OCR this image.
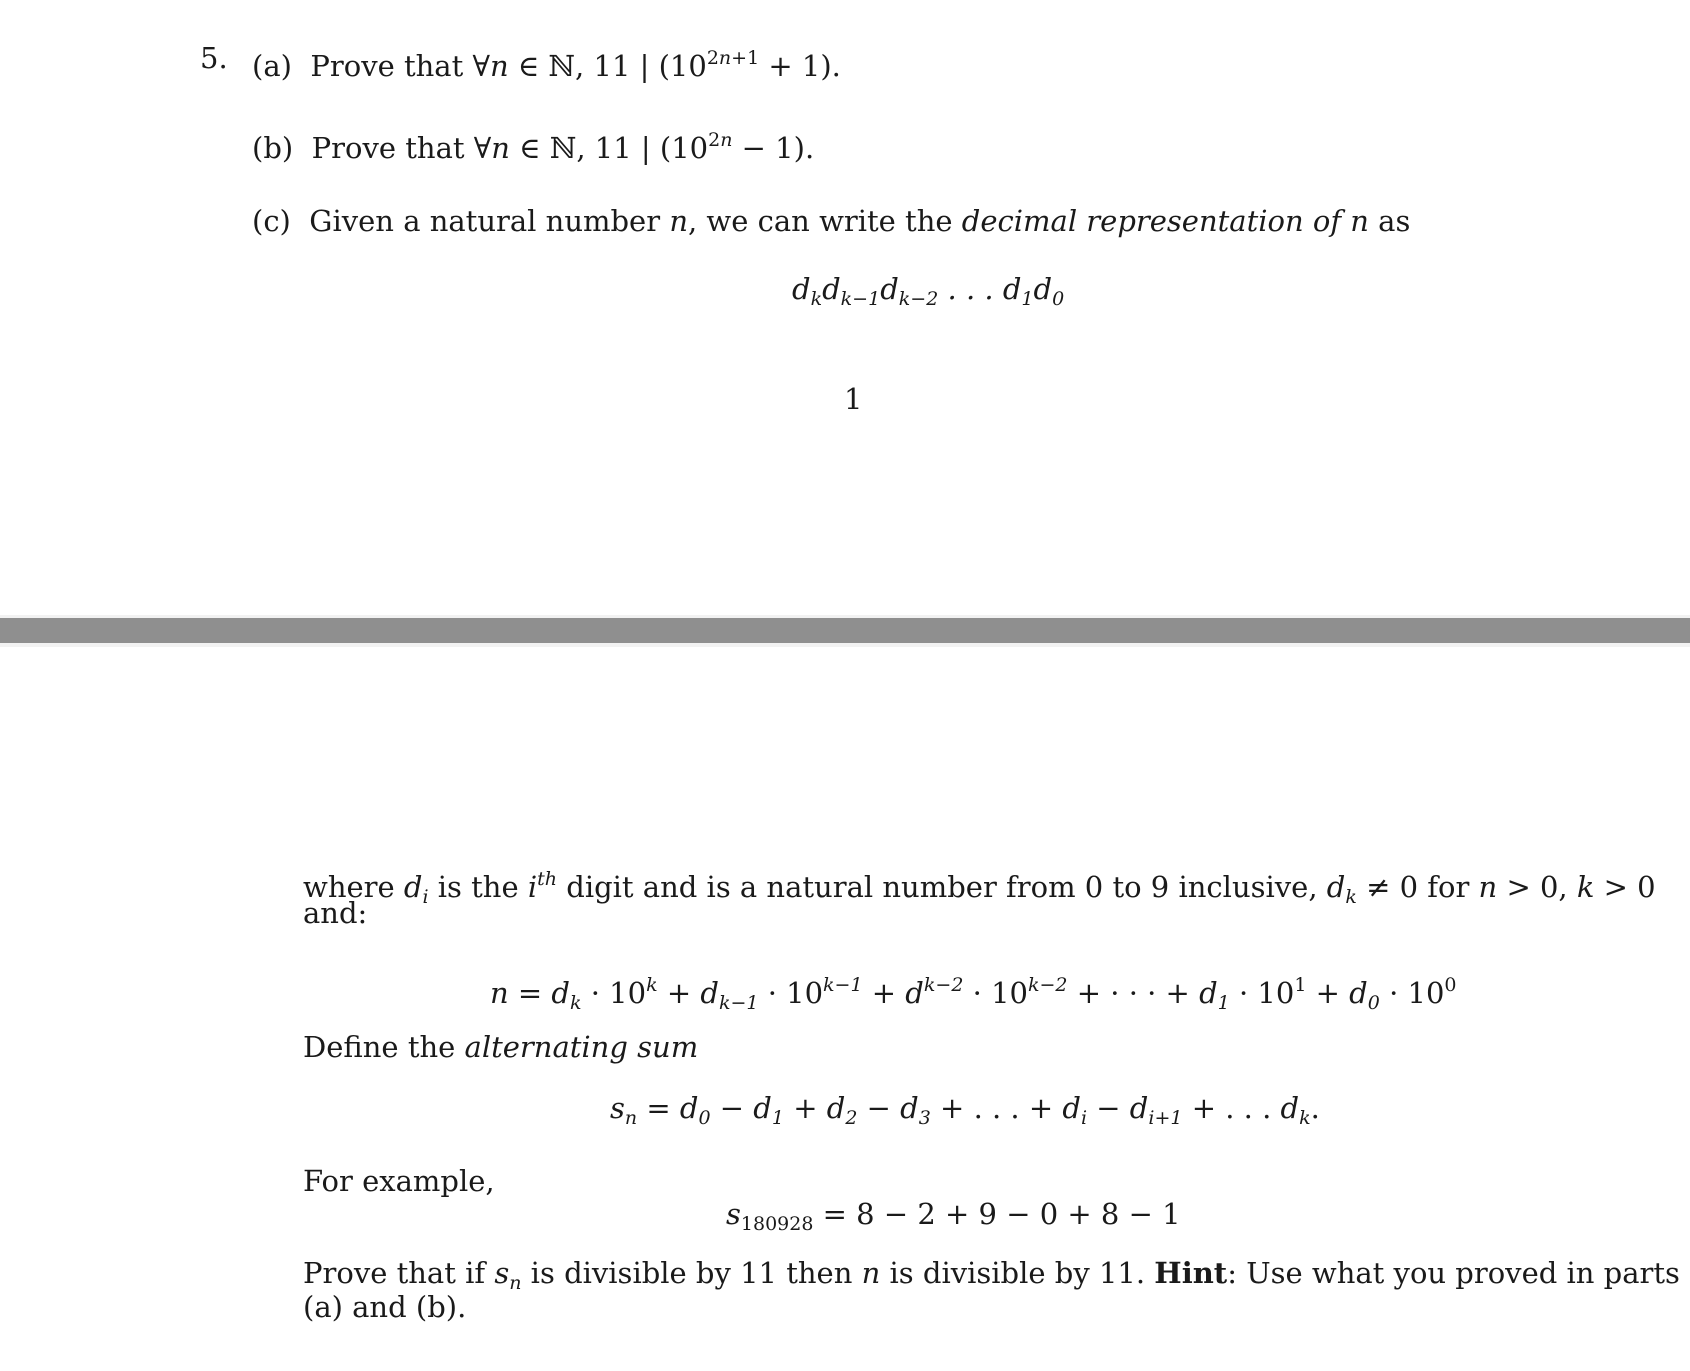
5. (a) Prove that ∀n ∈ ℕ, 11 | $(10^{2n+1} + 1)$.
(b) Prove that ∀n ∈ ℕ, 11 | $(10^{2n} - 1)$.
(c)  Given a natural number n, we can write the decimal representation of n as
$d_kd_{k-1}d_{k-2}$ . . . $d_1d_0$
1
where $d_i$ is the $i^{th}$ digit and is a natural number from 0 to 9 inclusive, $d_k \ne 0$ for n > 0, k > 0
and:
$n = d_k \cdot 10^k + d_{k-1} \cdot 10^{k-1} + d^{k-2} \cdot 10^{k-2}$ + · · · + $d_1 \cdot 10^1 + d_0 \cdot 10^0$
Define the alternating sum
$s_n = d_0 - d_1 + d_2 - d_3$ + . . . + $d_i - d_{i+1}$ + . . . $d_k$.
For example,
$s_{180928} = 8 - 2 + 9 - 0 + 8 - 1$
Prove that if $s_n$ is divisible by 11 then n is divisible by 11. Hint: Use what you proved in parts
(a) and (b).
